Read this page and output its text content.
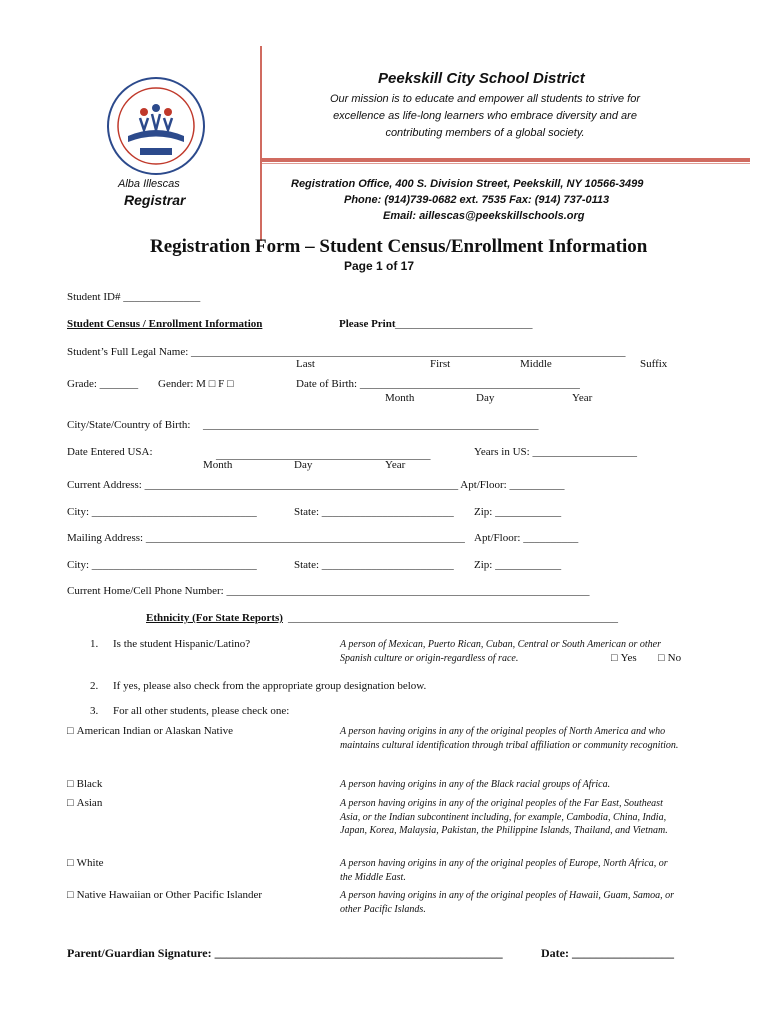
Peekskill City School District
Our mission is to educate and empower all students to strive for excellence as life-long learners who embrace diversity and are contributing members of a global society.
Alba Illescas
Registrar
Registration Office, 400 S. Division Street, Peekskill, NY 10566-3499
Phone: (914)739-0682 ext. 7535 Fax: (914) 737-0113
Email: aillescas@peekskillschools.org
Registration Form – Student Census/Enrollment Information
Page 1 of 17
Student ID# ______________
Student Census / Enrollment Information	Please Print _________________________
Student’s Full Legal Name: _______________________________________________________________________________
Last	First	Middle	Suffix
Grade: _______ Gender: M □ F □	Date of Birth: ________________________________________
Month	Day	Year
City/State/Country of Birth: _____________________________________________________________
Date Entered USA:	_______________________________________	Years in US: ___________________
Month	Day	Year
Current Address: _________________________________________________________ Apt/Floor: __________
City: ______________________________	State: ________________________ Zip: ____________
Mailing Address: __________________________________________________________ Apt/Floor: __________
City: ______________________________	State: ________________________ Zip: ____________
Current Home/Cell Phone Number: __________________________________________________________________
Ethnicity (For State Reports) ____________________________________________________________
1. Is the student Hispanic/Latino?	A person of Mexican, Puerto Rican, Cuban, Central or South American or other Spanish culture or origin-regardless of race. □	Yes □	No
2. If yes, please also check from the appropriate group designation below.
3. For all other students, please check one:
□ American Indian or Alaskan Native	A person having origins in any of the original peoples of North America and who maintains cultural identification through tribal affiliation or community recognition.
□ Black	A person having origins in any of the Black racial groups of Africa.
□ Asian	A person having origins in any of the original peoples of the Far East, Southeast Asia, or the Indian subcontinent including, for example, Cambodia, China, India, Japan, Korea, Malaysia, Pakistan, the Philippine Islands, Thailand, and Vietnam.
□ White	A person having origins in any of the original peoples of Europe, North Africa, or the Middle East.
□ Native Hawaiian or Other Pacific Islander	A person having origins in any of the original peoples of Hawaii, Guam, Samoa, or other Pacific Islands.
Parent/Guardian Signature: ________________________________________________	Date: _________________
